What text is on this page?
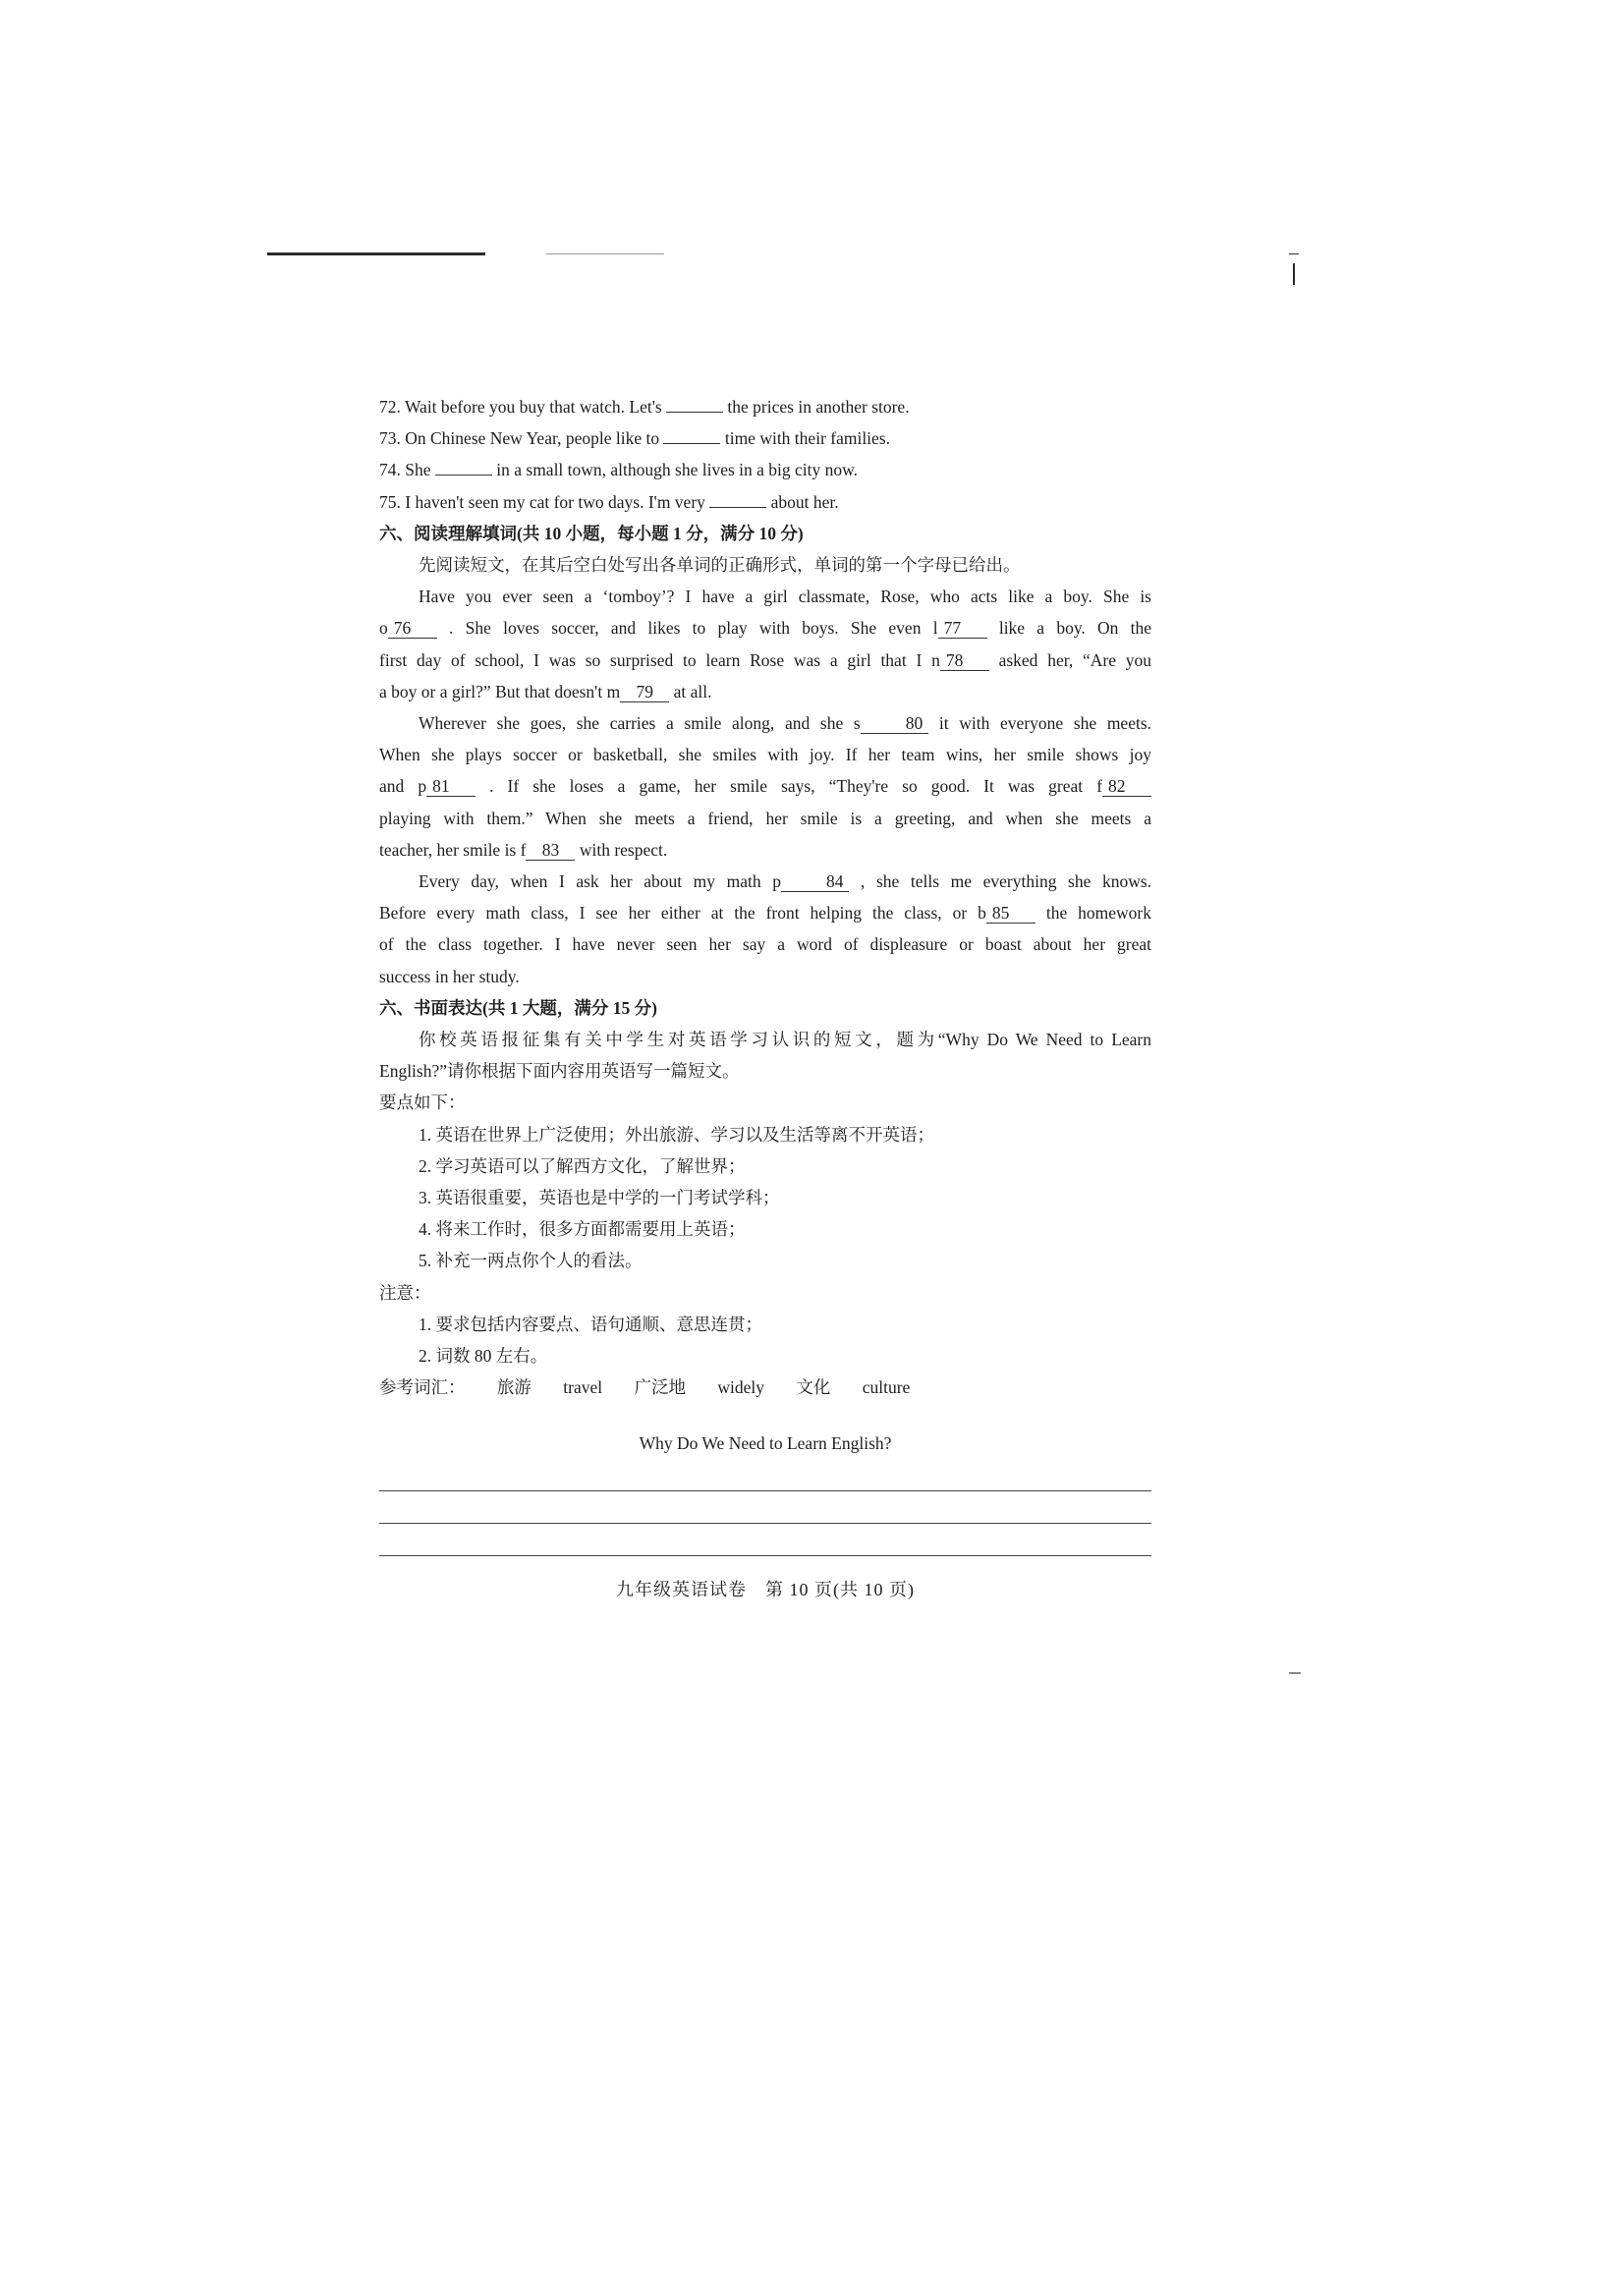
72. Wait before you buy that watch. Let's	the prices in another store.
73. On Chinese New Year, people like to	time with their families.
74. She	in a small town, although she lives in a big city now.
75. I haven't seen my cat for two days. I'm very	about her.
六、阅读理解填词(共 10 小题，每小题 1 分，满分 10 分)
先阅读短文，在其后空白处写出各单词的正确形式，单词的第一个字母已给出。
Have you ever seen a ‘tomboy’? I have a girl classmate, Rose, who acts like a boy. She is
o 76 . She loves soccer, and likes to play with boys. She even l 77 like a boy. On the
first day of school, I was so surprised to learn Rose was a girl that I n 78 asked her, “Are you
a boy or a girl?” But that doesn't m 79 at all.
Wherever she goes, she carries a smile along, and she s	80 it with everyone she meets.
When she plays soccer or basketball, she smiles with joy. If her team wins, her smile shows joy
and p 81 . If she loses a game, her smile says, “They're so good. It was great f 82
playing with them.” When she meets a friend, her smile is a greeting, and when she meets a
teacher, her smile is f 83 with respect.
Every day, when I ask her about my math p	84 , she tells me everything she knows.
Before every math class, I see her either at the front helping the class, or b 85 the homework
of the class together. I have never seen her say a word of displeasure or boast about her great
success in her study.
六、书面表达(共 1 大题，满分 15 分)
你校英语报征集有关中学生对英语学习认识的短文，题为“Why Do We Need to Learn
English?”请你根据下面内容用英语写一篇短文。
要点如下：
1. 英语在世界上广泛使用；外出旅游、学习以及生活等离不开英语；
2. 学习英语可以了解西方文化，了解世界；
3. 英语很重要，英语也是中学的一门考试学科；
4. 将来工作时，很多方面都需要用上英语；
5. 补充一两点你个人的看法。
注意：
1. 要求包括内容要点、语句通顺、意思连贯；
2. 词数 80 左右。
参考词汇： 旅游 travel 广泛地 widely 文化 culture
Why Do We Need to Learn English?
九年级英语试卷　第 10 页(共 10 页)
